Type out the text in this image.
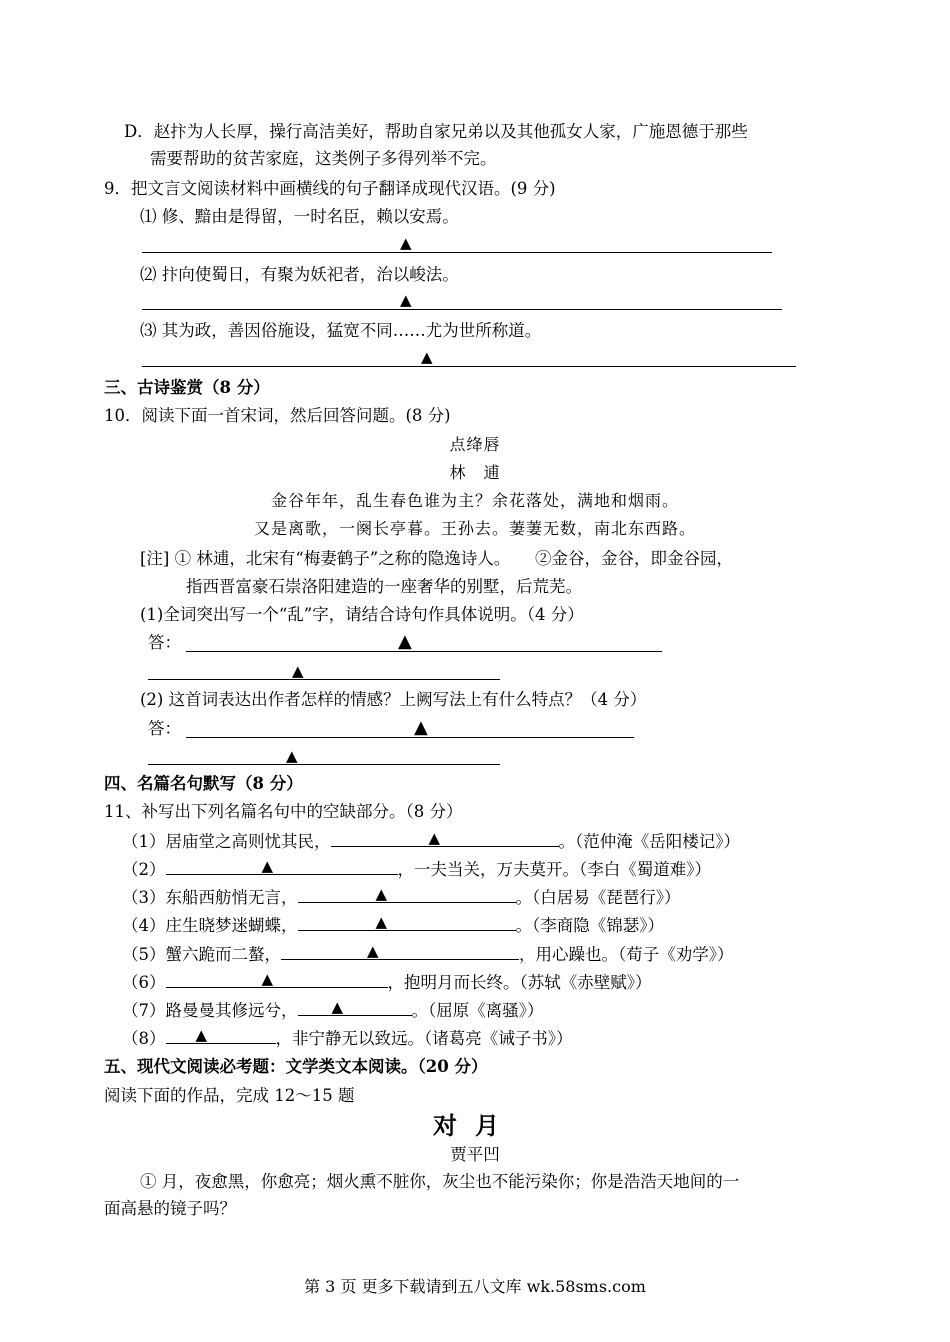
D．赵抃为人长厚，操行高洁美好，帮助自家兄弟以及其他孤女人家，广施恩德于那些
需要帮助的贫苦家庭，这类例子多得列举不完。
9．把文言文阅读材料中画横线的句子翻译成现代汉语。(9 分)
⑴ 修、黯由是得留，一时名臣，赖以安焉。
▲
⑵ 抃向使蜀日，有聚为妖祀者，治以峻法。
▲
⑶ 其为政，善因俗施设，猛宽不同……尤为世所称道。
▲
三、古诗鉴赏（8 分）
10．阅读下面一首宋词，然后回答问题。(8 分)
点绛唇
林　逋
金谷年年，乱生春色谁为主？余花落处，满地和烟雨。
又是离歌，一阕长亭暮。王孙去。萋萋无数，南北东西路。
[注] ① 林逋，北宋有“梅妻鹤子”之称的隐逸诗人。　　②金谷，金谷，即金谷园，
指西晋富豪石崇洛阳建造的一座奢华的别墅，后荒芜。
(1)全词突出写一个“乱”字，请结合诗句作具体说明。（4 分）
答：	▲
▲
(2) 这首词表达出作者怎样的情感？上阙写法上有什么特点？（4 分）
答：	▲
▲
四、名篇名句默写（8 分）
11、补写出下列名篇名句中的空缺部分。（8 分）
（1）居庙堂之高则忧其民，	▲	。（范仲淹《岳阳楼记》）
（2）	▲	，一夫当关，万夫莫开。（李白《蜀道难》）
（3）东船西舫悄无言，	▲	。（白居易《琵琶行》）
（4）庄生晓梦迷蝴蝶，	▲	。（李商隐《锦瑟》）
（5）蟹六跪而二螯，	▲	，用心躁也。（荀子《劝学》）
（6）	▲	，抱明月而长终。（苏轼《赤壁赋》）
（7）路曼曼其修远兮， ▲	。（屈原《离骚》）
（8） ▲	，非宁静无以致远。（诸葛亮《诫子书》）
五、现代文阅读必考题：文学类文本阅读。（20 分）
阅读下面的作品，完成 12～15 题
对月
贾平凹
① 月，夜愈黑，你愈亮；烟火熏不脏你，灰尘也不能污染你；你是浩浩天地间的一
面高悬的镜子吗？
第 3 页 更多下载请到五八文库 wk.58sms.com
